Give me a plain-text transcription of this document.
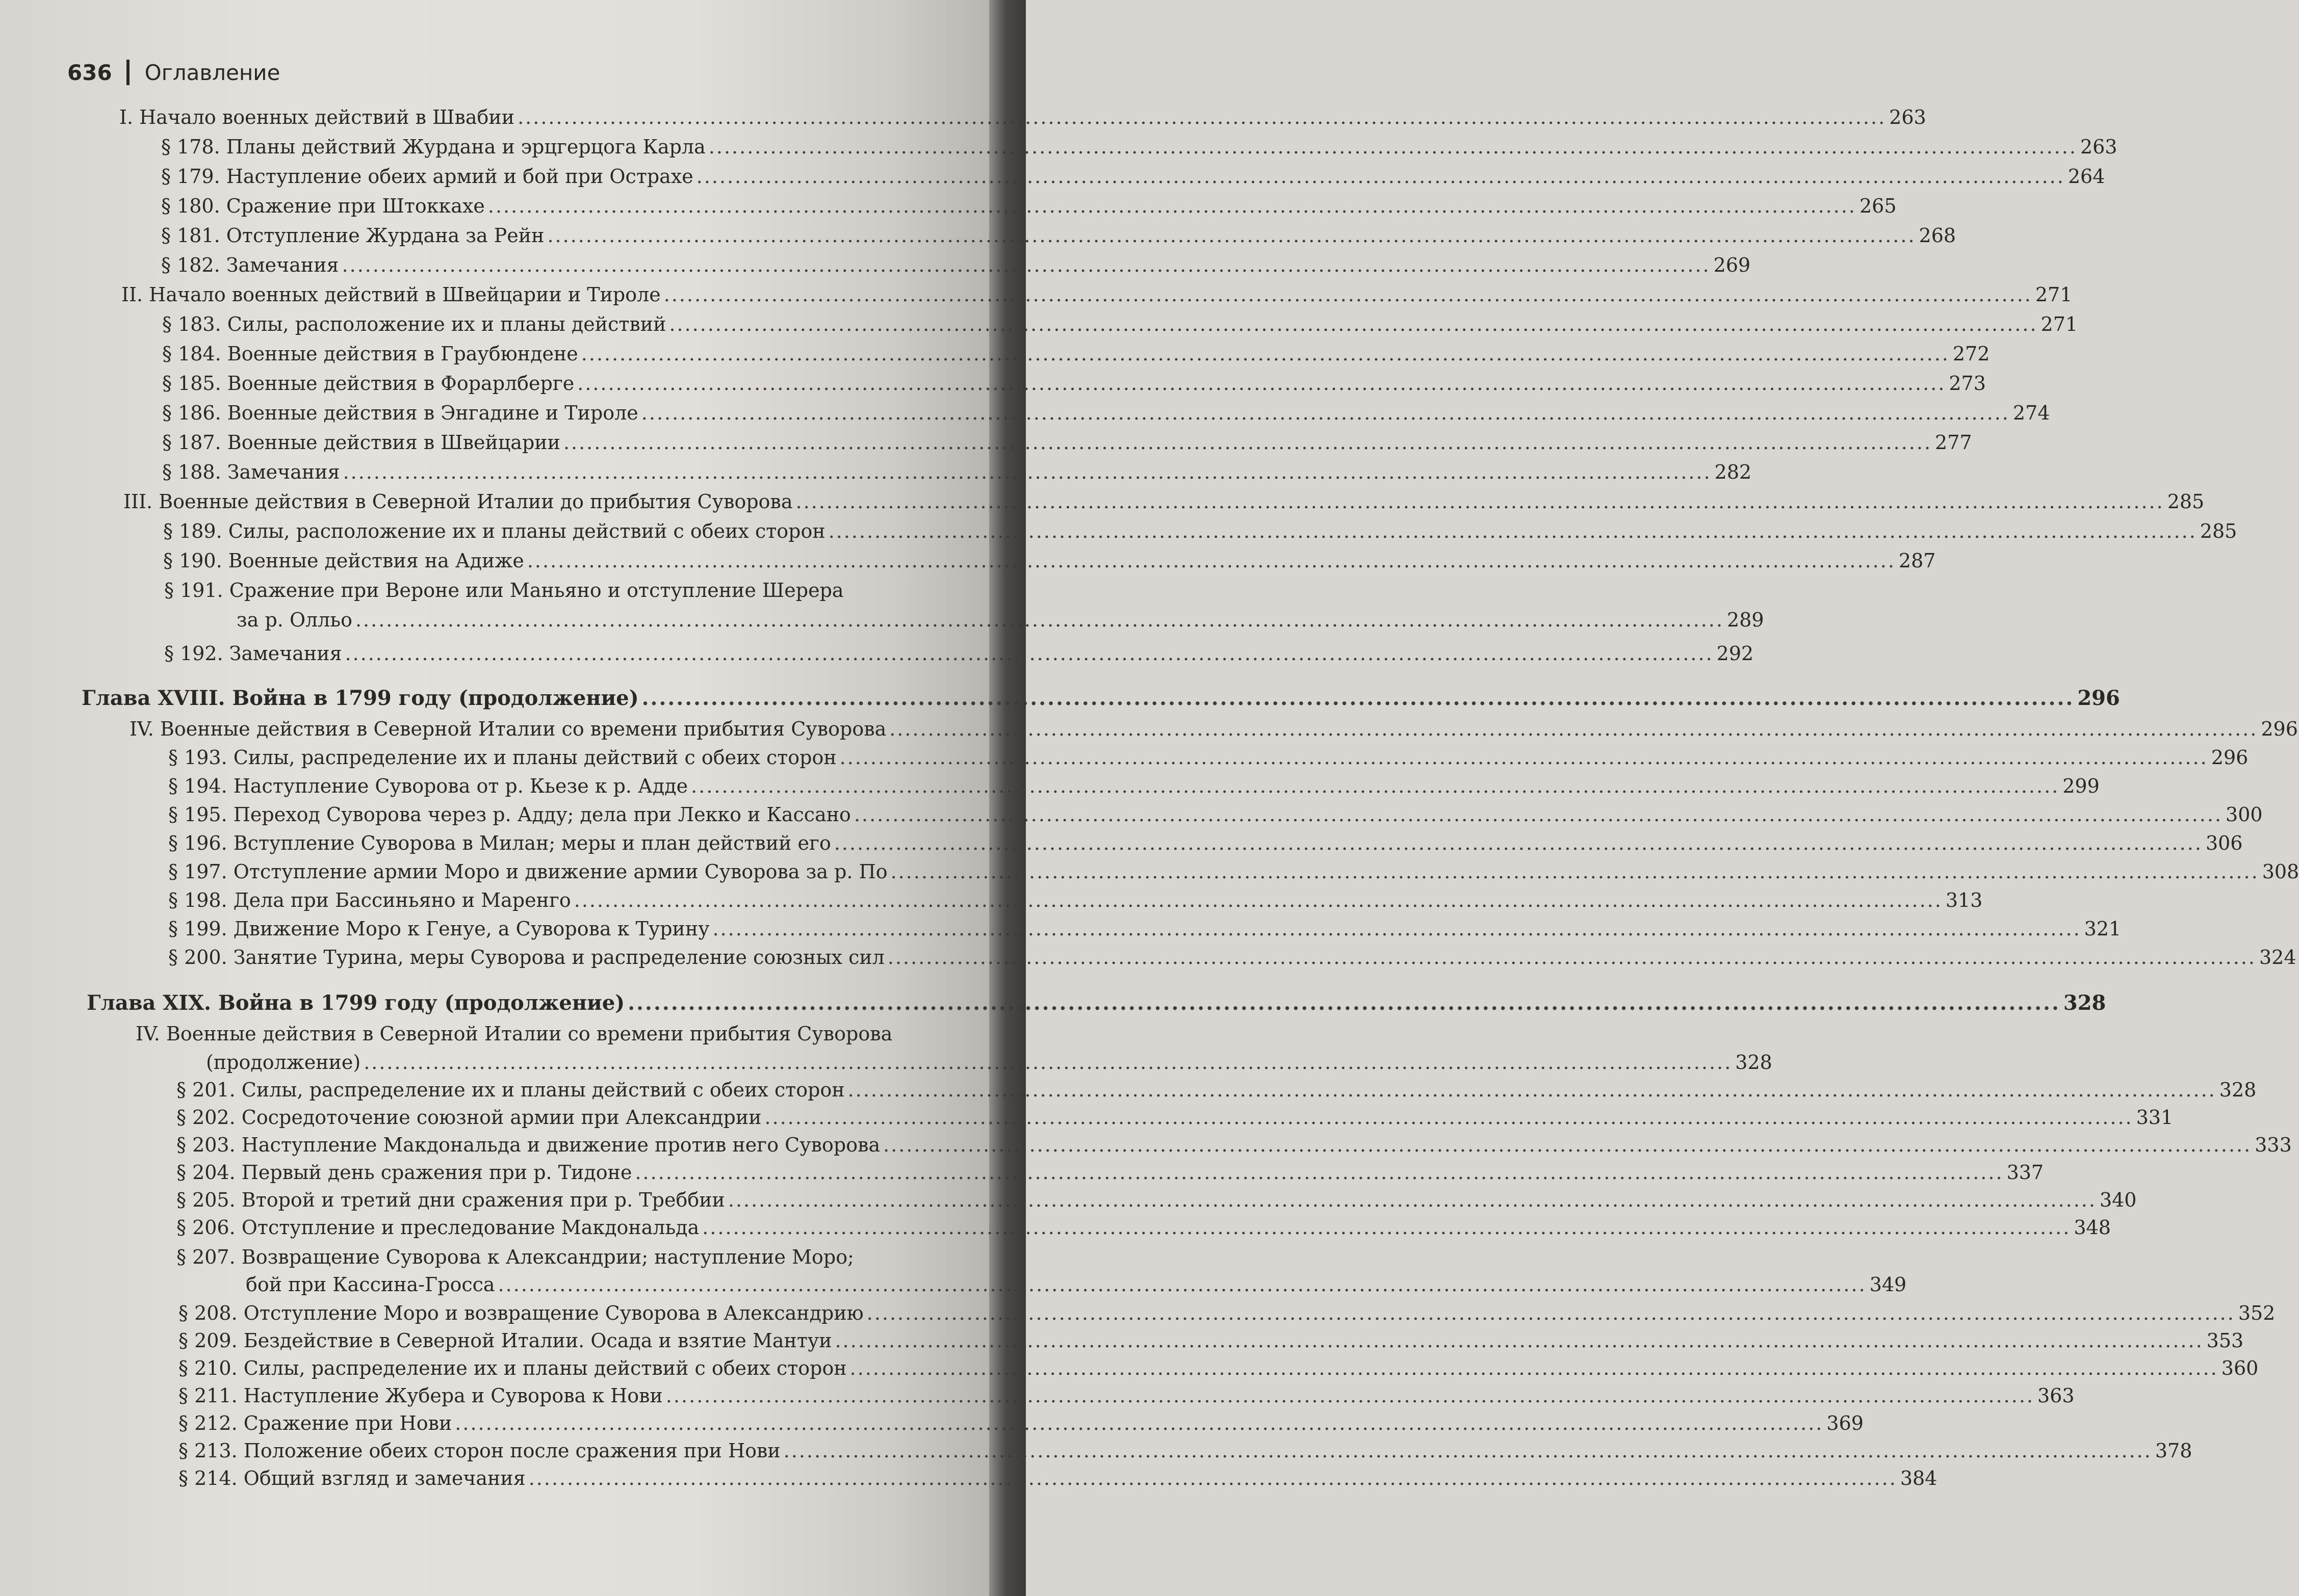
636 Оглавление
I. Начало военных действий в Швабии .................................................................................................................................................................................. 263
§ 178. Планы действий Журдана и эрцгерцога Карла .................................................................................................................................................................................. 263
§ 179. Наступление обеих армий и бой при Острахе .................................................................................................................................................................................. 264
§ 180. Сражение при Штоккахе .................................................................................................................................................................................. 265
§ 181. Отступление Журдана за Рейн .................................................................................................................................................................................. 268
§ 182. Замечания .................................................................................................................................................................................. 269
II. Начало военных действий в Швейцарии и Тироле .................................................................................................................................................................................. 271
§ 183. Силы, расположение их и планы действий .................................................................................................................................................................................. 271
§ 184. Военные действия в Граубюндене .................................................................................................................................................................................. 272
§ 185. Военные действия в Форарлберге .................................................................................................................................................................................. 273
§ 186. Военные действия в Энгадине и Тироле .................................................................................................................................................................................. 274
§ 187. Военные действия в Швейцарии .................................................................................................................................................................................. 277
§ 188. Замечания .................................................................................................................................................................................. 282
III. Военные действия в Северной Италии до прибытия Суворова .................................................................................................................................................................................. 285
§ 189. Силы, расположение их и планы действий с обеих сторон .................................................................................................................................................................................. 285
§ 190. Военные действия на Адиже .................................................................................................................................................................................. 287
§ 191. Сражение при Вероне или Маньяно и отступление Шерера
за р. Олльо .................................................................................................................................................................................. 289
§ 192. Замечания .................................................................................................................................................................................. 292
Глава XVIII. Война в 1799 году (продолжение) ...................................................................................................................................................................... 296
IV. Военные действия в Северной Италии со времени прибытия Суворова .................................................................................................................................................................................. 296
§ 193. Силы, распределение их и планы действий с обеих сторон .................................................................................................................................................................................. 296
§ 194. Наступление Суворова от р. Кьезе к р. Адде .................................................................................................................................................................................. 299
§ 195. Переход Суворова через р. Адду; дела при Лекко и Кассано .................................................................................................................................................................................. 300
§ 196. Вступление Суворова в Милан; меры и план действий его .................................................................................................................................................................................. 306
§ 197. Отступление армии Моро и движение армии Суворова за р. По .................................................................................................................................................................................. 308
§ 198. Дела при Бассиньяно и Маренго .................................................................................................................................................................................. 313
§ 199. Движение Моро к Генуе, а Суворова к Турину .................................................................................................................................................................................. 321
§ 200. Занятие Турина, меры Суворова и распределение союзных сил .................................................................................................................................................................................. 324
Глава XIX. Война в 1799 году (продолжение) ...................................................................................................................................................................... 328
IV. Военные действия в Северной Италии со времени прибытия Суворова
(продолжение) .................................................................................................................................................................................. 328
§ 201. Силы, распределение их и планы действий с обеих сторон .................................................................................................................................................................................. 328
§ 202. Сосредоточение союзной армии при Александрии .................................................................................................................................................................................. 331
§ 203. Наступление Макдональда и движение против него Суворова .................................................................................................................................................................................. 333
§ 204. Первый день сражения при р. Тидоне .................................................................................................................................................................................. 337
§ 205. Второй и третий дни сражения при р. Треббии .................................................................................................................................................................................. 340
§ 206. Отступление и преследование Макдональда .................................................................................................................................................................................. 348
§ 207. Возвращение Суворова к Александрии; наступление Моро;
бой при Кассина-Гросса .................................................................................................................................................................................. 349
§ 208. Отступление Моро и возвращение Суворова в Александрию .................................................................................................................................................................................. 352
§ 209. Бездействие в Северной Италии. Осада и взятие Мантуи .................................................................................................................................................................................. 353
§ 210. Силы, распределение их и планы действий с обеих сторон .................................................................................................................................................................................. 360
§ 211. Наступление Жубера и Суворова к Нови .................................................................................................................................................................................. 363
§ 212. Сражение при Нови .................................................................................................................................................................................. 369
§ 213. Положение обеих сторон после сражения при Нови .................................................................................................................................................................................. 378
§ 214. Общий взгляд и замечания .................................................................................................................................................................................. 384
